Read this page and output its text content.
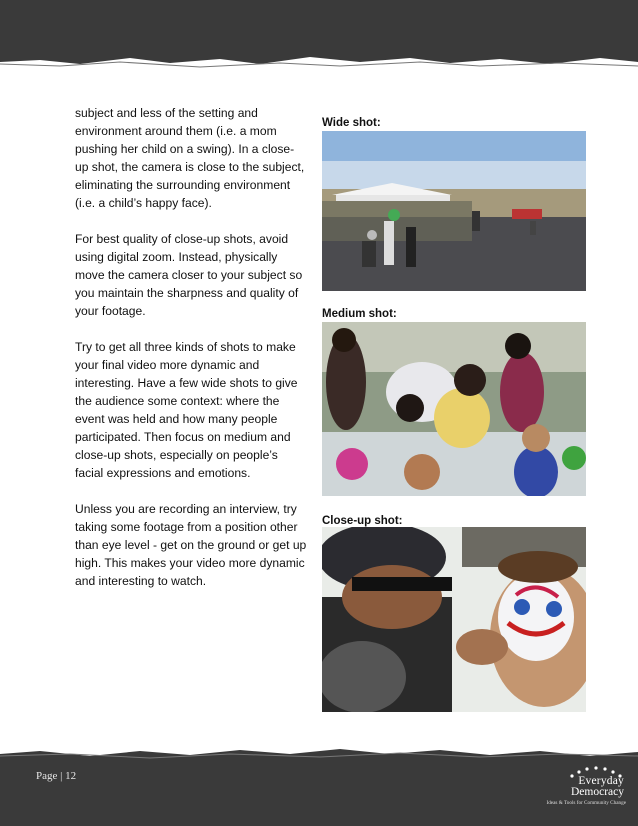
subject and less of the setting and environment around them (i.e. a mom pushing her child on a swing). In a close-up shot, the camera is close to the subject, eliminating the surrounding environment (i.e. a child’s happy face).

For best quality of close-up shots, avoid using digital zoom. Instead, physically move the camera closer to your subject so you maintain the sharpness and quality of your footage.

Try to get all three kinds of shots to make your final video more dynamic and interesting. Have a few wide shots to give the audience some context: where the event was held and how many people participated. Then focus on medium and close-up shots, especially on people’s facial expressions and emotions.

Unless you are recording an interview, try taking some footage from a position other than eye level - get on the ground or get up high. This makes your video more dynamic and interesting to watch.

Wide shot:
Medium shot:
Close-up shot:
Page | 12	Everyday
Democracy
Ideas & Tools for Community Change
